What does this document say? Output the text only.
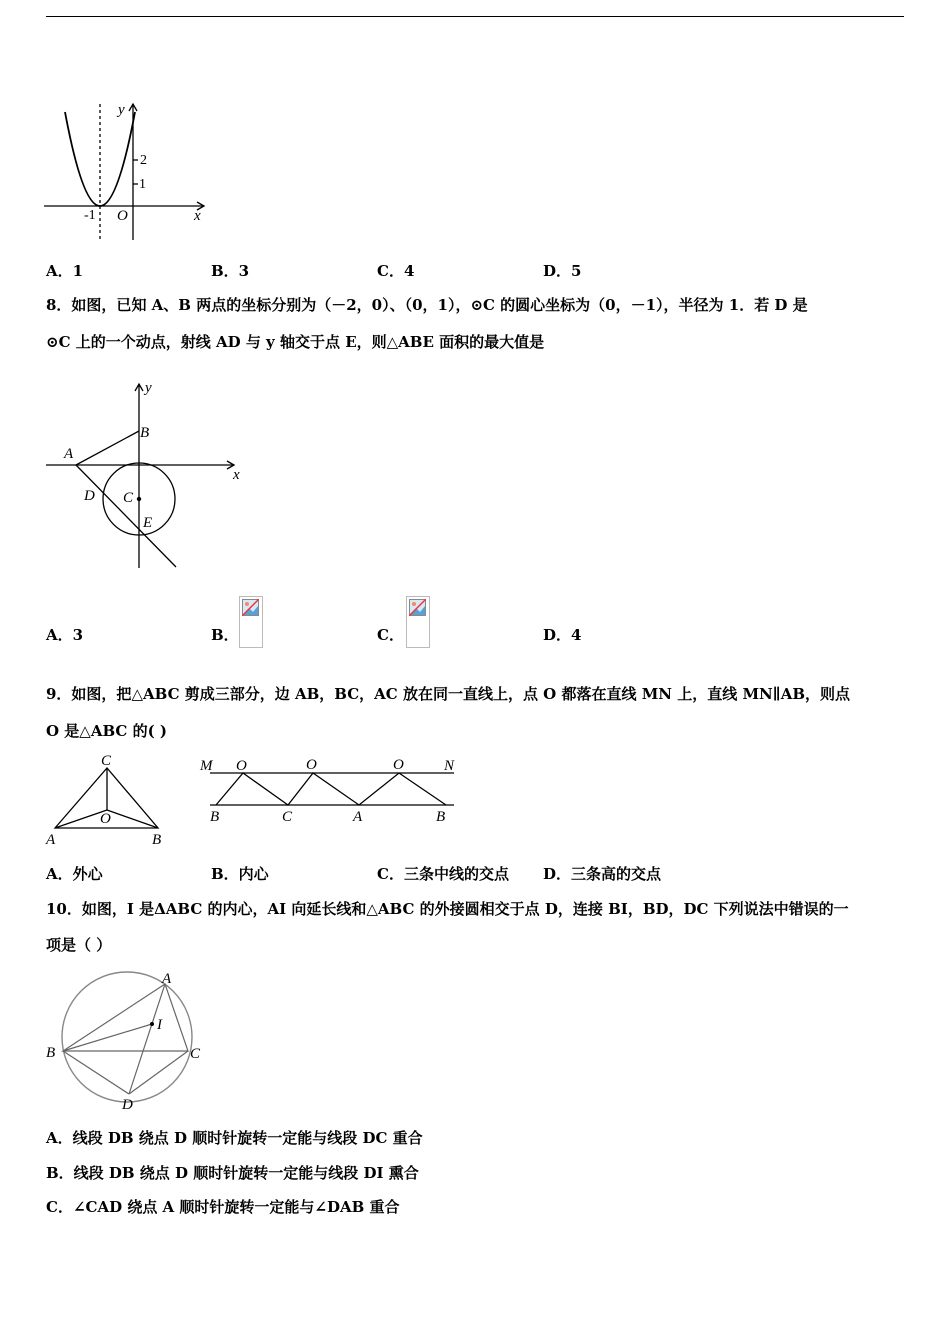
y
x
O
2
1
-1
A．1	B．3	C．4	D．5
8．如图，已知 A、B 两点的坐标分别为（－2，0）、（0，1），⊙C 的圆心坐标为（0，－1），半径为 1．若 D 是
⊙C 上的一个动点，射线 AD 与 y 轴交于点 E，则△ABE 面积的最大值是
y
x
A
B
C
D
E
A．3	B．	C．	D．4
9．如图，把△ABC 剪成三部分，边 AB，BC，AC 放在同一直线上，点 O 都落在直线 MN 上，直线 MN∥AB，则点
O 是△ABC 的( )
C
A	B
O
M	N
O	O	O
B	C	A	B
A．外心	B．内心	C．三条中线的交点 D．三条高的交点
10．如图，I 是ΔABC 的内心，AI 向延长线和△ABC 的外接圆相交于点 D，连接 BI，BD，DC 下列说法中错误的一
项是（ ）
A
I
B	C
D
A．线段 DB 绕点 D 顺时针旋转一定能与线段 DC 重合
B．线段 DB 绕点 D 顺时针旋转一定能与线段 DI 熏合
C．∠CAD 绕点 A 顺时针旋转一定能与∠DAB 重合
